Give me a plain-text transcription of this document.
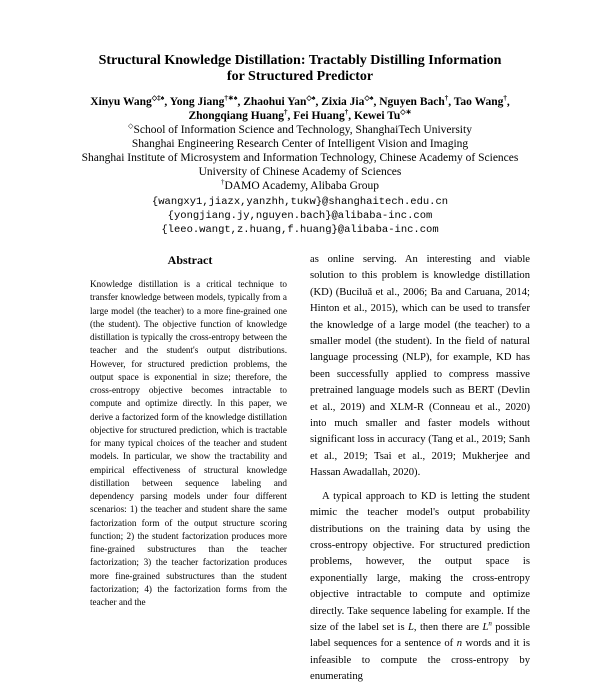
Structural Knowledge Distillation: Tractably Distilling Information
for Structured Predictor
Xinyu Wang◇‡♠, Yong Jiang†∗♠, Zhaohui Yan◇♠, Zixia Jia◇♠, Nguyen Bach†, Tao Wang†,
Zhongqiang Huang†, Fei Huang†, Kewei Tu◇∗
◇School of Information Science and Technology, ShanghaiTech University
Shanghai Engineering Research Center of Intelligent Vision and Imaging
Shanghai Institute of Microsystem and Information Technology, Chinese Academy of Sciences
University of Chinese Academy of Sciences
†DAMO Academy, Alibaba Group
{wangxy1,jiazx,yanzhh,tukw}@shanghaitech.edu.cn
{yongjiang.jy,nguyen.bach}@alibaba-inc.com
{leeo.wangt,z.huang,f.huang}@alibaba-inc.com
Abstract
Knowledge distillation is a critical technique to transfer knowledge between models, typically from a large model (the teacher) to a more fine-grained one (the student). The objective function of knowledge distillation is typically the cross-entropy between the teacher and the student's output distributions. However, for structured prediction problems, the output space is exponential in size; therefore, the cross-entropy objective becomes intractable to compute and optimize directly. In this paper, we derive a factorized form of the knowledge distillation objective for structured prediction, which is tractable for many typical choices of the teacher and student models. In particular, we show the tractability and empirical effectiveness of structural knowledge distillation between sequence labeling and dependency parsing models under four different scenarios: 1) the teacher and student share the same factorization form of the output structure scoring function; 2) the student factorization produces more fine-grained substructures than the teacher factorization; 3) the teacher factorization produces more fine-grained substructures than the student factorization; 4) the factorization forms from the teacher and the

as online serving. An interesting and viable solution to this problem is knowledge distillation (KD) (Buciluǎ et al., 2006; Ba and Caruana, 2014; Hinton et al., 2015), which can be used to transfer the knowledge of a large model (the teacher) to a smaller model (the student). In the field of natural language processing (NLP), for example, KD has been successfully applied to compress massive pretrained language models such as BERT (Devlin et al., 2019) and XLM-R (Conneau et al., 2020) into much smaller and faster models without significant loss in accuracy (Tang et al., 2019; Sanh et al., 2019; Tsai et al., 2019; Mukherjee and Hassan Awadallah, 2020).

A typical approach to KD is letting the student mimic the teacher model's output probability distributions on the training data by using the cross-entropy objective. For structured prediction problems, however, the output space is exponentially large, making the cross-entropy objective intractable to compute and optimize directly. Take sequence labeling for example. If the size of the label set is L, then there are $L^n$ possible label sequences for a sentence of n words and it is infeasible to compute the cross-entropy by enumerating
